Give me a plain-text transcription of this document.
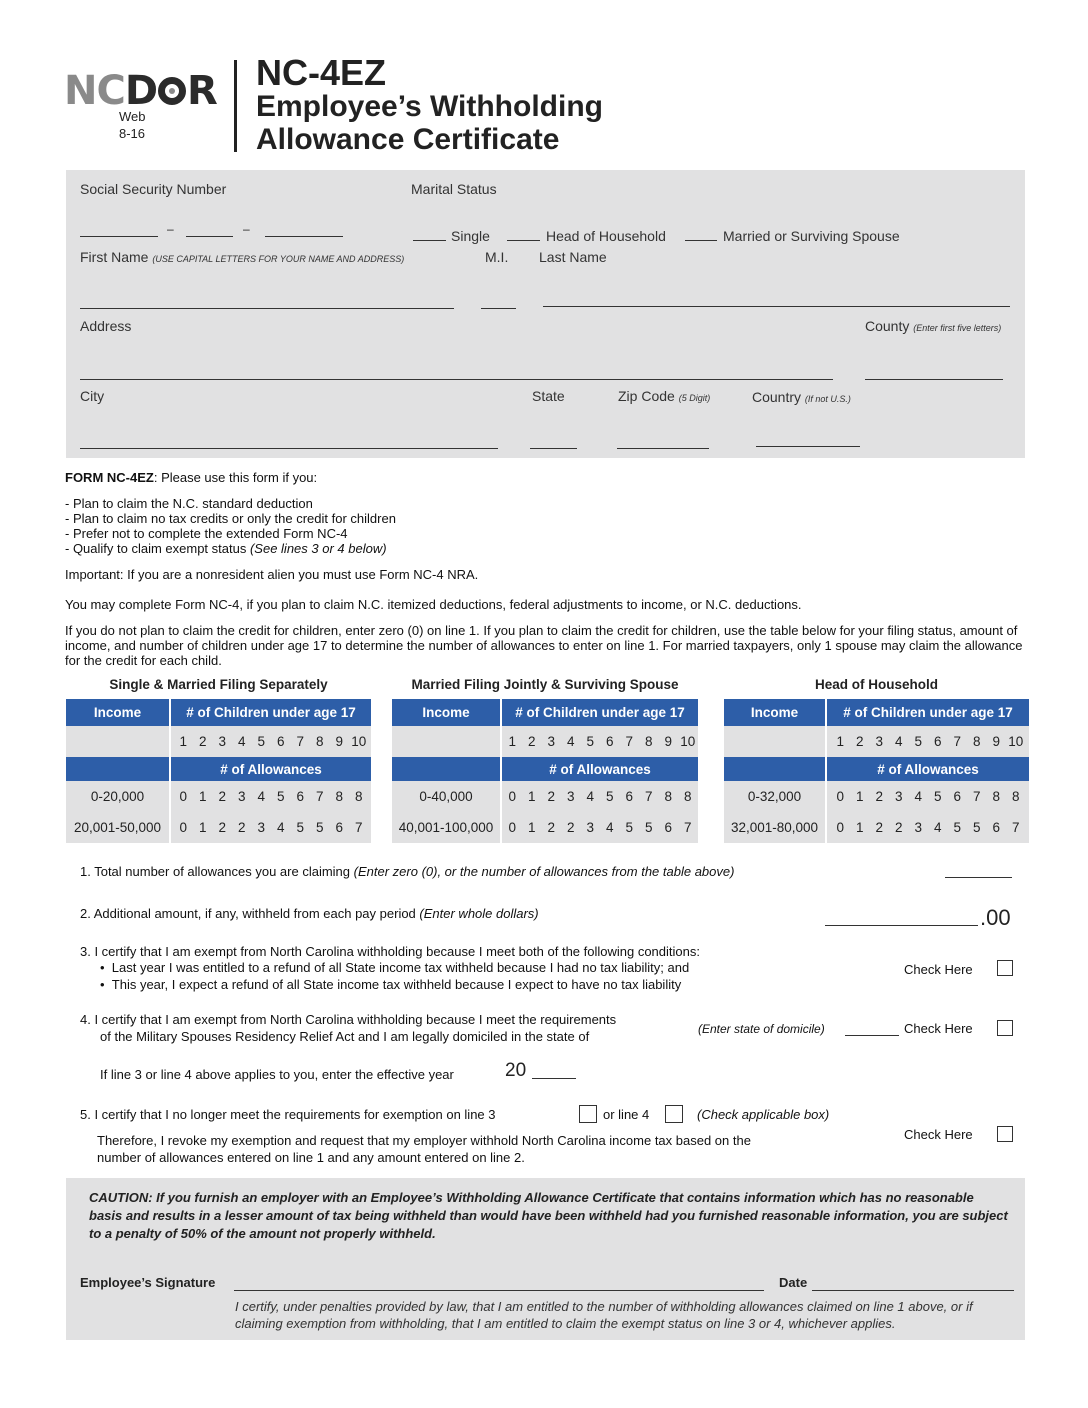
NCD R
Web
8-16
NC-4EZ
Employee’s Withholding
Allowance Certificate
Social Security Number	Marital Status
–	–	Single	Head of Household	Married or Surviving Spouse
First Name (USE CAPITAL LETTERS FOR YOUR NAME AND ADDRESS)	M.I. Last Name
Address	County (Enter first five letters)
City	State	Zip Code (5 Digit)	Country (If not U.S.)
FORM NC-4EZ: Please use this form if you:
- Plan to claim the N.C. standard deduction
- Plan to claim no tax credits or only the credit for children
- Prefer not to complete the extended Form NC-4
- Qualify to claim exempt status (See lines 3 or 4 below)
Important: If you are a nonresident alien you must use Form NC-4 NRA.
You may complete Form NC-4, if you plan to claim N.C. itemized deductions, federal adjustments to income, or N.C. deductions.
If you do not plan to claim the credit for children, enter zero (0) on line 1. If you plan to claim the credit for children, use the table below for your filing status, amount of income, and number of children under age 17 to determine the number of allowances to enter on line 1. For married taxpayers, only 1 spouse may claim the allowance for the credit for each child.
Single & Married Filing Separately
Income		# of Children under age 17
		1 2 3 4 5 6 7 8 9 10
		# of Allowances
0-20,000		0 1 2 3 4 5 6 7 8 8
20,001-50,000		0 1 2 2 3 4 5 5 6 7
Married Filing Jointly & Surviving Spouse
Income		# of Children under age 17
		1 2 3 4 5 6 7 8 9 10
		# of Allowances
0-40,000		0 1 2 3 4 5 6 7 8 8
40,001-100,000		0 1 2 2 3 4 5 5 6 7
Head of Household
Income		# of Children under age 17
		1 2 3 4 5 6 7 8 9 10
		# of Allowances
0-32,000		0 1 2 3 4 5 6 7 8 8
32,001-80,000		0 1 2 2 3 4 5 5 6 7
1. Total number of allowances you are claiming (Enter zero (0), or the number of allowances from the table above)
2. Additional amount, if any, withheld from each pay period (Enter whole dollars)	.00
3. I certify that I am exempt from North Carolina withholding because I meet both of the following conditions:
•  Last year I was entitled to a refund of all State income tax withheld because I had no tax liability; and
•  This year, I expect a refund of all State income tax withheld because I expect to have no tax liability
Check Here
4. I certify that I am exempt from North Carolina withholding because I meet the requirements
of the Military Spouses Residency Relief Act and I am legally domiciled in the state of	(Enter state of domicile)	Check Here
If line 3 or line 4 above applies to you, enter the effective year	20
5. I certify that I no longer meet the requirements for exemption on line 3	or line 4	(Check applicable box)
Therefore, I revoke my exemption and request that my employer withhold North Carolina income tax based on the
number of allowances entered on line 1 and any amount entered on line 2.
Check Here
CAUTION: If you furnish an employer with an Employee’s Withholding Allowance Certificate that contains information which has no reasonable basis and results in a lesser amount of tax being withheld than would have been withheld had you furnished reasonable information, you are subject to a penalty of 50% of the amount not properly withheld.
Employee’s Signature	Date
I certify, under penalties provided by law, that I am entitled to the number of withholding allowances claimed on line 1 above, or if claiming exemption from withholding, that I am entitled to claim the exempt status on line 3 or 4, whichever applies.
